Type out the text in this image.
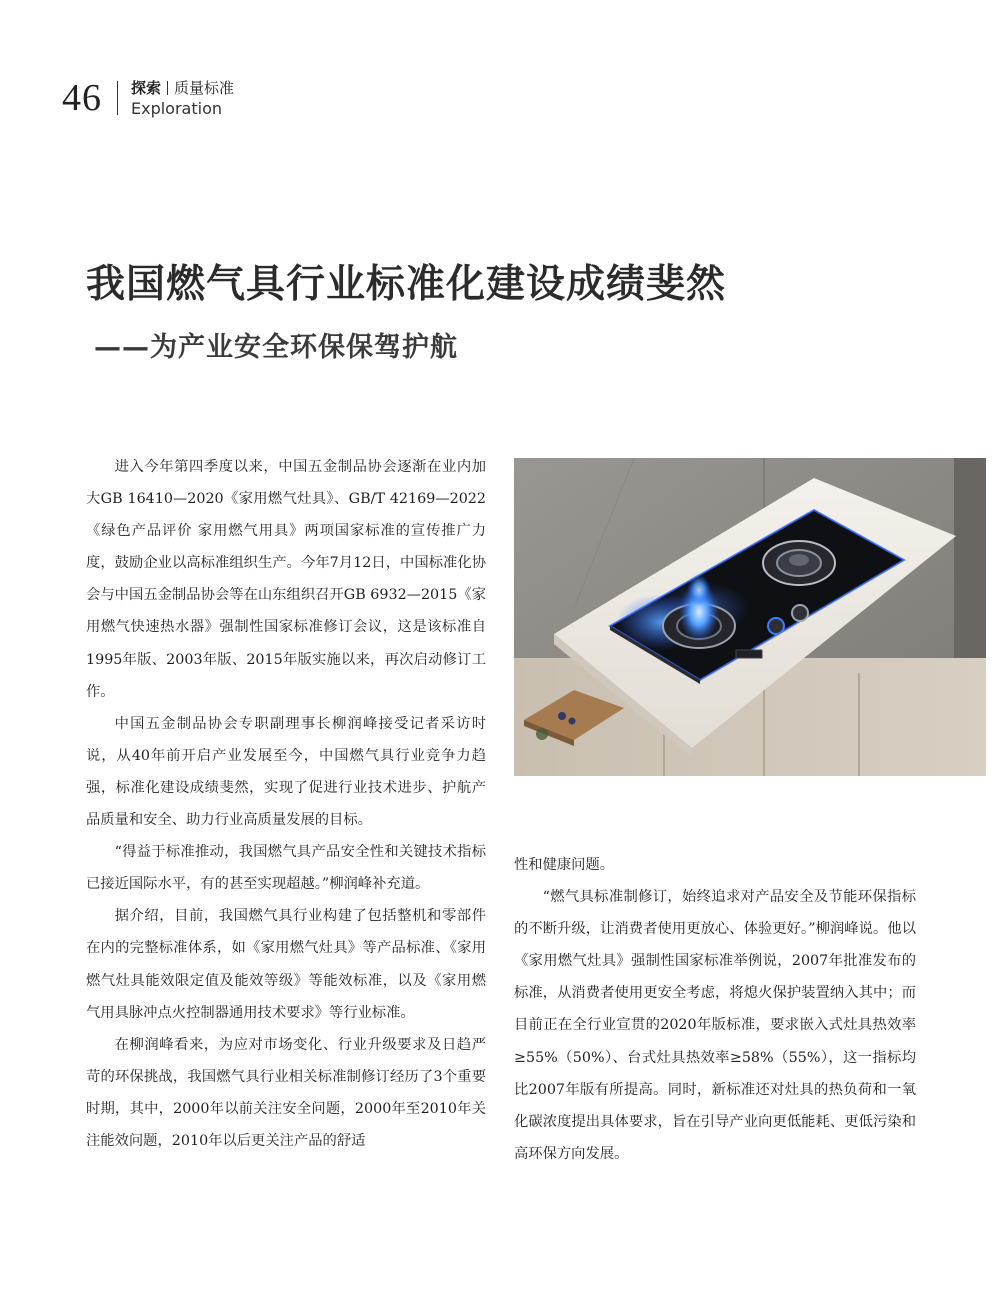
46 探索 质量标准
Exploration
我国燃气具行业标准化建设成绩斐然
——为产业安全环保保驾护航

进入今年第四季度以来，中国五金制品协会逐渐在业内加大GB 16410—2020《家用燃气灶具》、GB/T 42169—2022《绿色产品评价 家用燃气用具》两项国家标准的宣传推广力度，鼓励企业以高标准组织生产。今年7月12日，中国标准化协会与中国五金制品协会等在山东组织召开GB 6932—2015《家用燃气快速热水器》强制性国家标准修订会议，这是该标准自1995年版、2003年版、2015年版实施以来，再次启动修订工作。

中国五金制品协会专职副理事长柳润峰接受记者采访时说，从40年前开启产业发展至今，中国燃气具行业竞争力趋强，标准化建设成绩斐然，实现了促进行业技术进步、护航产品质量和安全、助力行业高质量发展的目标。

“得益于标准推动，我国燃气具产品安全性和关键技术指标已接近国际水平，有的甚至实现超越。”柳润峰补充道。

据介绍，目前，我国燃气具行业构建了包括整机和零部件在内的完整标准体系，如《家用燃气灶具》等产品标准、《家用燃气灶具能效限定值及能效等级》等能效标准，以及《家用燃气用具脉冲点火控制器通用技术要求》等行业标准。

在柳润峰看来，为应对市场变化、行业升级要求及日趋严苛的环保挑战，我国燃气具行业相关标准制修订经历了3个重要时期，其中，2000年以前关注安全问题，2000年至2010年关注能效问题，2010年以后更关注产品的舒适

性和健康问题。

“燃气具标准制修订，始终追求对产品安全及节能环保指标的不断升级，让消费者使用更放心、体验更好。”柳润峰说。他以《家用燃气灶具》强制性国家标准举例说，2007年批准发布的标准，从消费者使用更安全考虑，将熄火保护装置纳入其中；而目前正在全行业宣贯的2020年版标准，要求嵌入式灶具热效率≥55%（50%）、台式灶具热效率≥58%（55%），这一指标均比2007年版有所提高。同时，新标准还对灶具的热负荷和一氧化碳浓度提出具体要求，旨在引导产业向更低能耗、更低污染和高环保方向发展。
